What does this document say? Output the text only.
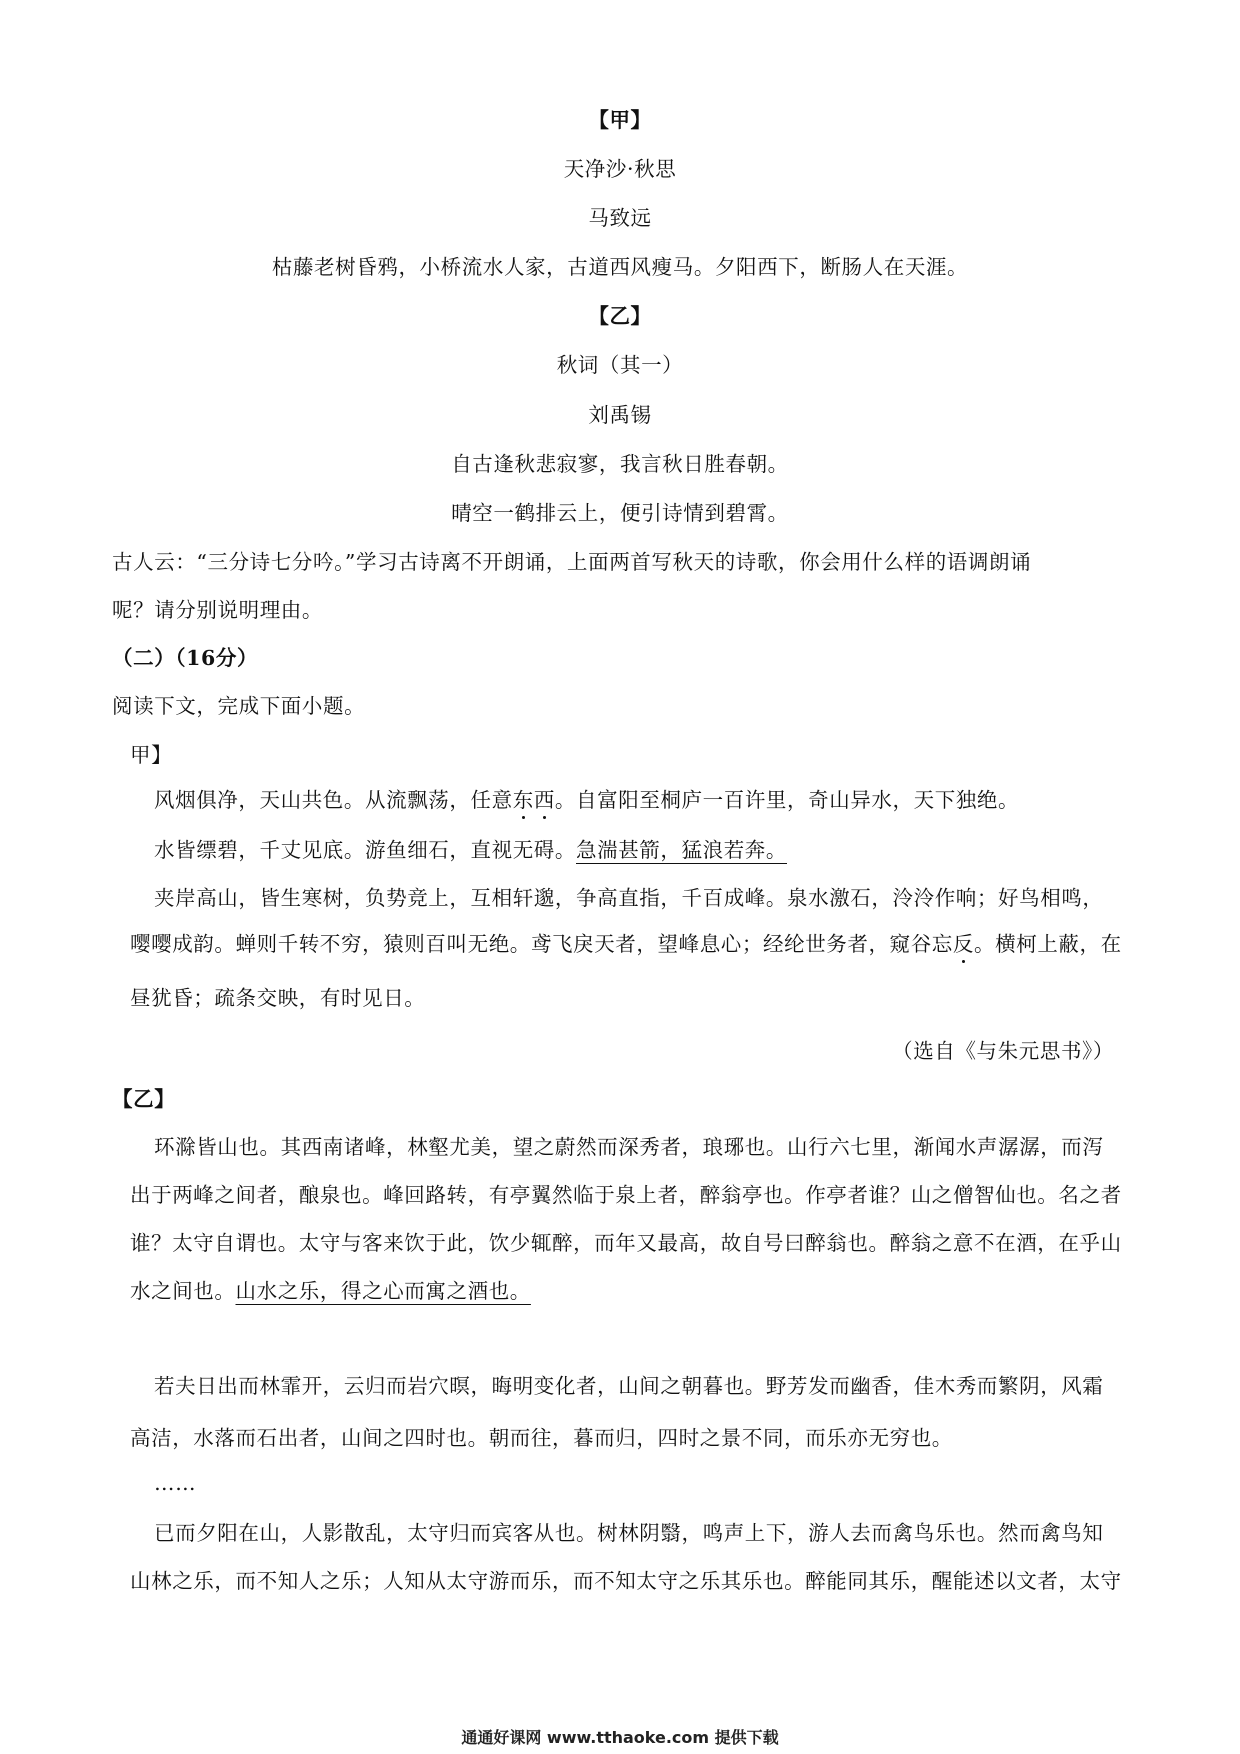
【甲】
天净沙·秋思
马致远
枯藤老树昏鸦，小桥流水人家，古道西风瘦马。夕阳西下，断肠人在天涯。
【乙】
秋词（其一）
刘禹锡
自古逢秋悲寂寥，我言秋日胜春朝。
晴空一鹤排云上，便引诗情到碧霄。
古人云：“三分诗七分吟。”学习古诗离不开朗诵，上面两首写秋天的诗歌，你会用什么样的语调朗诵
呢？请分别说明理由。
（二）（16分）
阅读下文，完成下面小题。
甲】
风烟俱净，天山共色。从流飘荡，任意东西。自富阳至桐庐一百许里，奇山异水，天下独绝。
水皆缥碧，千丈见底。游鱼细石，直视无碍。急湍甚箭，猛浪若奔。
夹岸高山，皆生寒树，负势竞上，互相轩邈，争高直指，千百成峰。泉水激石，泠泠作响；好鸟相鸣，
嘤嘤成韵。蝉则千转不穷，猿则百叫无绝。鸢飞戾天者，望峰息心；经纶世务者，窥谷忘反。横柯上蔽，在
昼犹昏；疏条交映，有时见日。
（选自《与朱元思书》）
【乙】
环滁皆山也。其西南诸峰，林壑尤美，望之蔚然而深秀者，琅琊也。山行六七里，渐闻水声潺潺，而泻
出于两峰之间者，酿泉也。峰回路转，有亭翼然临于泉上者，醉翁亭也。作亭者谁？山之僧智仙也。名之者
谁？太守自谓也。太守与客来饮于此，饮少辄醉，而年又最高，故自号曰醉翁也。醉翁之意不在酒，在乎山
水之间也。山水之乐，得之心而寓之酒也。
若夫日出而林霏开，云归而岩穴暝，晦明变化者，山间之朝暮也。野芳发而幽香，佳木秀而繁阴，风霜
高洁，水落而石出者，山间之四时也。朝而往，暮而归，四时之景不同，而乐亦无穷也。
……
已而夕阳在山，人影散乱，太守归而宾客从也。树林阴翳，鸣声上下，游人去而禽鸟乐也。然而禽鸟知
山林之乐，而不知人之乐；人知从太守游而乐，而不知太守之乐其乐也。醉能同其乐，醒能述以文者，太守
通通好课网 www.tthaoke.com 提供下载
